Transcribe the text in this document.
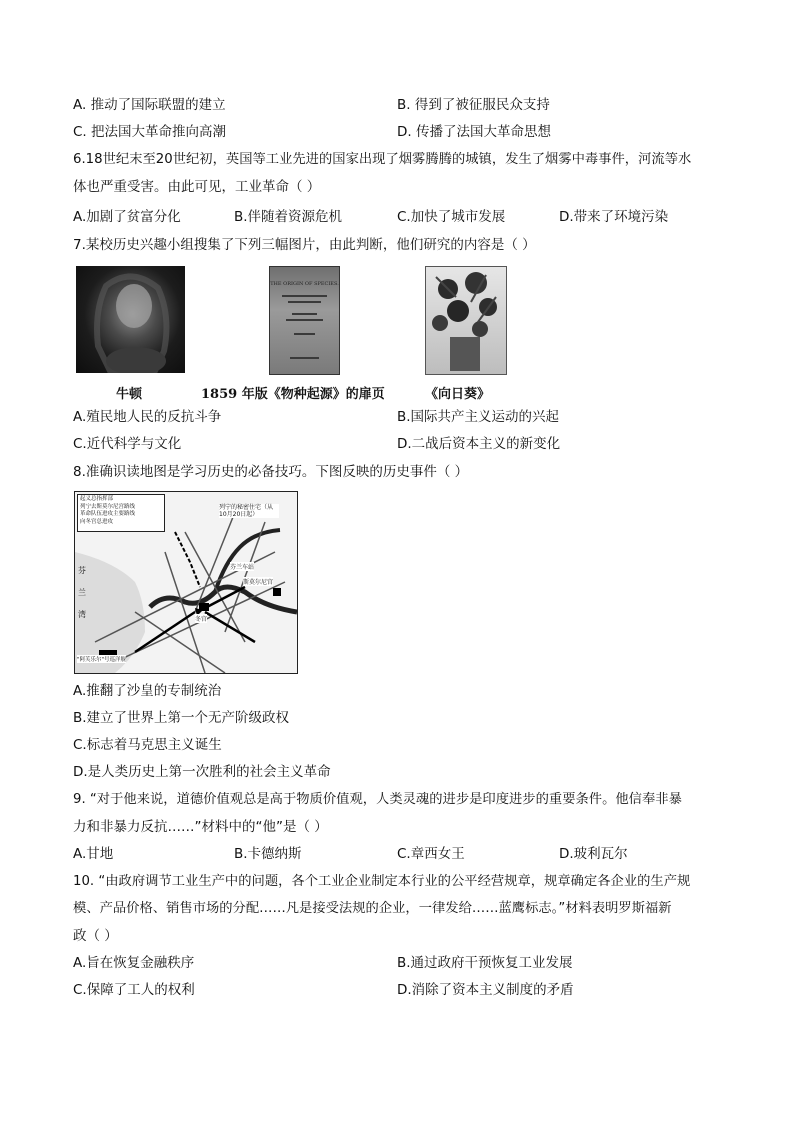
A. 推动了国际联盟的建立	B. 得到了被征服民众支持
C. 把法国大革命推向高潮	D. 传播了法国大革命思想
6.18世纪末至20世纪初，英国等工业先进的国家出现了烟雾腾腾的城镇，发生了烟雾中毒事件，河流等水
体也严重受害。由此可见，工业革命（ ）
A.加剧了贫富分化	B.伴随着资源危机	C.加快了城市发展	D.带来了环境污染
7.某校历史兴趣小组搜集了下列三幅图片，由此判断，他们研究的内容是（ ）
THE ORIGIN OF SPECIES.
牛顿	1859 年版《物种起源》的扉页	《向日葵》
A.殖民地人民的反抗斗争	B.国际共产主义运动的兴起
C.近代科学与文化	D.二战后资本主义的新变化
8.准确识读地图是学习历史的必备技巧。下图反映的历史事件（ ）
起义总指挥部
列宁去斯莫尔尼宫路线
革命队伍进攻主要路线
向冬宫总进攻
列宁的秘密住宅（从10月20日起）
斯莫尔尼宫
芬兰车站
冬宫
"阿芙乐尔"号巡洋舰
芬兰湾
A.推翻了沙皇的专制统治
B.建立了世界上第一个无产阶级政权
C.标志着马克思主义诞生
D.是人类历史上第一次胜利的社会主义革命
9. “对于他来说，道德价值观总是高于物质价值观，人类灵魂的进步是印度进步的重要条件。他信奉非暴
力和非暴力反抗……”材料中的“他”是（ ）
A.甘地	B.卡德纳斯	C.章西女王	D.玻利瓦尔
10. “由政府调节工业生产中的问题，各个工业企业制定本行业的公平经营规章，规章确定各企业的生产规
模、产品价格、销售市场的分配……凡是接受法规的企业，一律发给……蓝鹰标志。”材料表明罗斯福新
政（ ）
A.旨在恢复金融秩序	B.通过政府干预恢复工业发展
C.保障了工人的权利	D.消除了资本主义制度的矛盾
